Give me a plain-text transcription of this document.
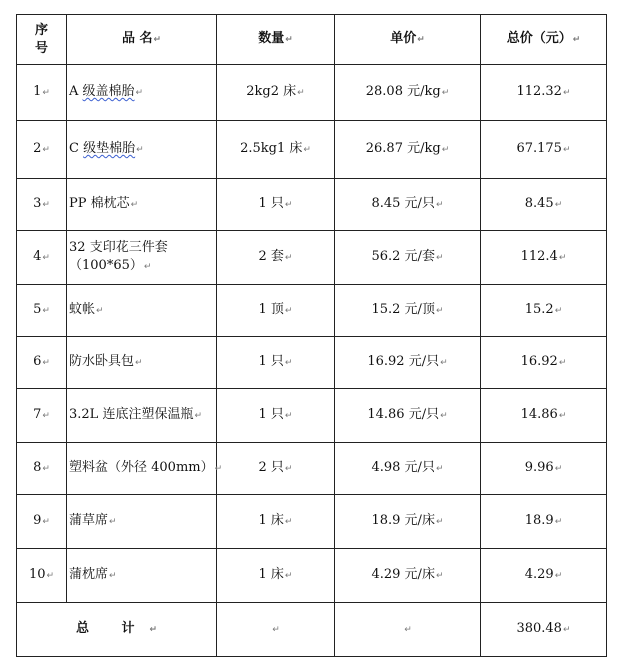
序
号	品 名↵	数量↵	单价↵	总价（元）↵
1↵	A 级盖棉胎↵	2kg2 床↵	28.08 元/kg↵	112.32↵
2↵	C 级垫棉胎↵	2.5kg1 床↵	26.87 元/kg↵	67.175↵
3↵	PP 棉枕芯↵	1 只↵	8.45 元/只↵	8.45↵
4↵	32 支印花三件套
（100*65）↵	2 套↵	56.2 元/套↵	112.4↵
5↵	蚊帐↵	1 顶↵	15.2 元/顶↵	15.2↵
6↵	防水卧具包↵	1 只↵	16.92 元/只↵	16.92↵
7↵	3.2L 连底注塑保温瓶↵	1 只↵	14.86 元/只↵	14.86↵
8↵	塑料盆（外径 400mm）↵	2 只↵	4.98 元/只↵	9.96↵
9↵	蒲草席↵	1 床↵	18.9 元/床↵	18.9↵
10↵	蒲枕席↵	1 床↵	4.29 元/床↵	4.29↵
总 计↵		↵	↵	380.48↵
